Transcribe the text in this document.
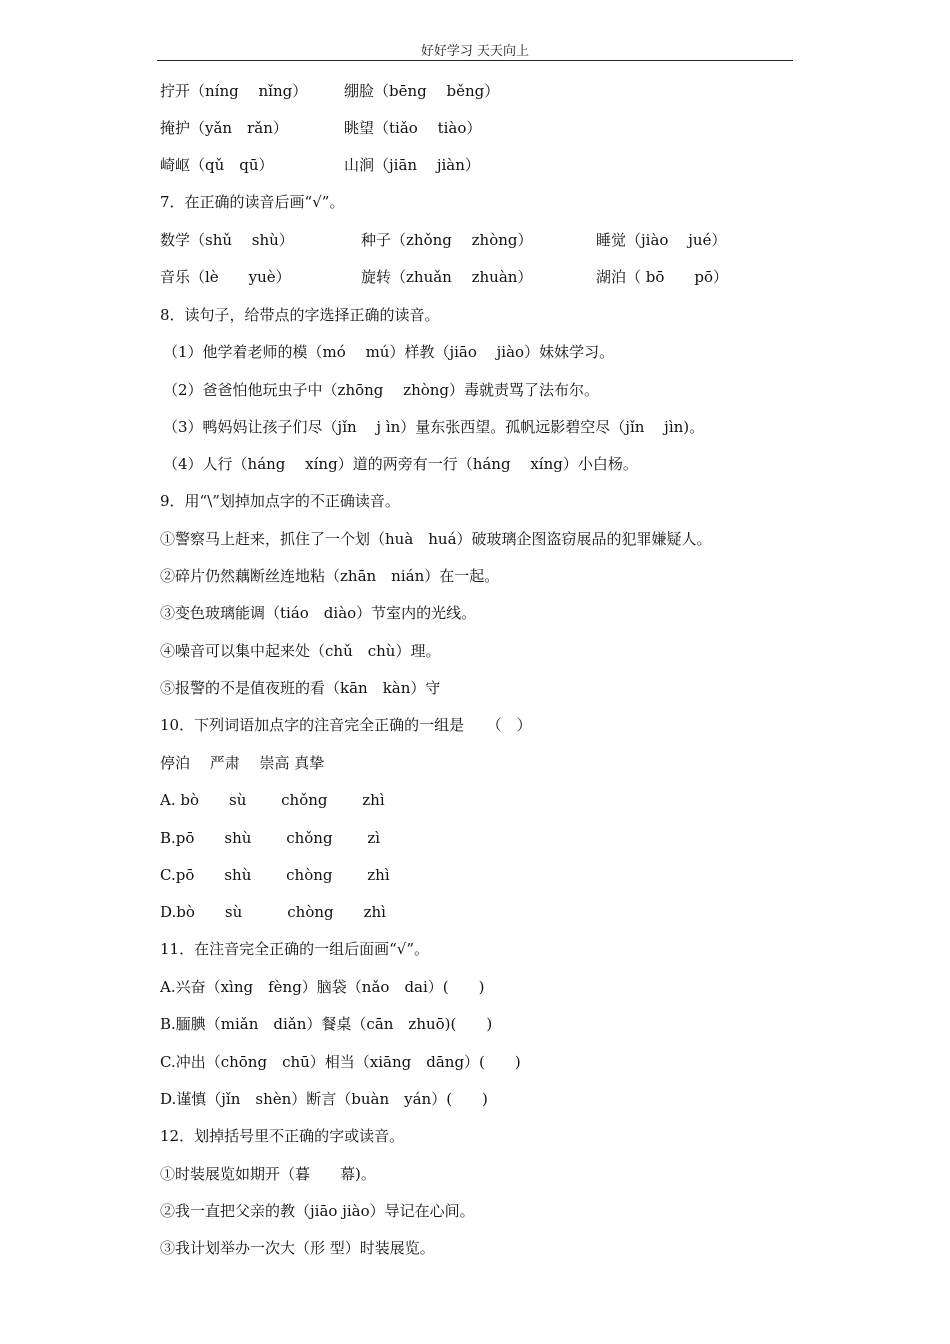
好好学习 天天向上
拧开（níng　 nǐng） 绷脸（bēng　 běng）
掩护（yǎn　rǎn）	眺望（tiǎo　 tiào）
崎岖（qǔ　qū）	山涧（jiān　 jiàn）
7．在正确的读音后画“√”。
数学（shǔ　 shù）	种子（zhǒng　 zhòng）	睡觉（jiào　 jué）
音乐（lè　　yuè）	旋转（zhuǎn　 zhuàn）	湖泊（ bō　　pō）
8．读句子，给带点的字选择正确的读音。
（1）他学着老师的模（mó　 mú）样教（jiāo　 jiào）妹妹学习。
（2）爸爸怕他玩虫子中（zhōng　 zhòng）毒就责骂了法布尔。
（3）鸭妈妈让孩子们尽（jǐn　 j ìn）量东张西望。孤帆远影碧空尽（jǐn　 jìn)。
（4）人行（háng　 xíng）道的两旁有一行（háng　 xíng）小白杨。
9．用“\”划掉加点字的不正确读音。
①警察马上赶来，抓住了一个划（huà　huá）破玻璃企图盗窃展品的犯罪嫌疑人。
②碎片仍然藕断丝连地粘（zhān　nián）在一起。
③变色玻璃能调（tiáo　diào）节室内的光线。
④噪音可以集中起来处（chǔ　chù）理。
⑤报警的不是值夜班的看（kān　kàn）守
10．下列词语加点字的注音完全正确的一组是　　（　）
停泊　 严肃　 崇高 真挚
A. bò　　sù　　 chǒng　　 zhì
B.pō　　shù　　 chǒng　　 zì
C.pō　　shù　　 chòng　　 zhì
D.bò　　sù　　　chòng　　zhì
11．在注音完全正确的一组后面画“√”。
A.兴奋（xìng　fèng）脑袋（nǎo　dai）(　　)
B.腼腆（miǎn　diǎn）餐桌（cān　zhuō)(　　)
C.冲出（chōng　chū）相当（xiāng　dāng）(　　)
D.谨慎（jǐn　shèn）断言（buàn　yán）(　　)
12．划掉括号里不正确的字或读音。
①时装展览如期开（暮　　幕)。
②我一直把父亲的教（jiāo jiào）导记在心间。
③我计划举办一次大（形 型）时装展览。
